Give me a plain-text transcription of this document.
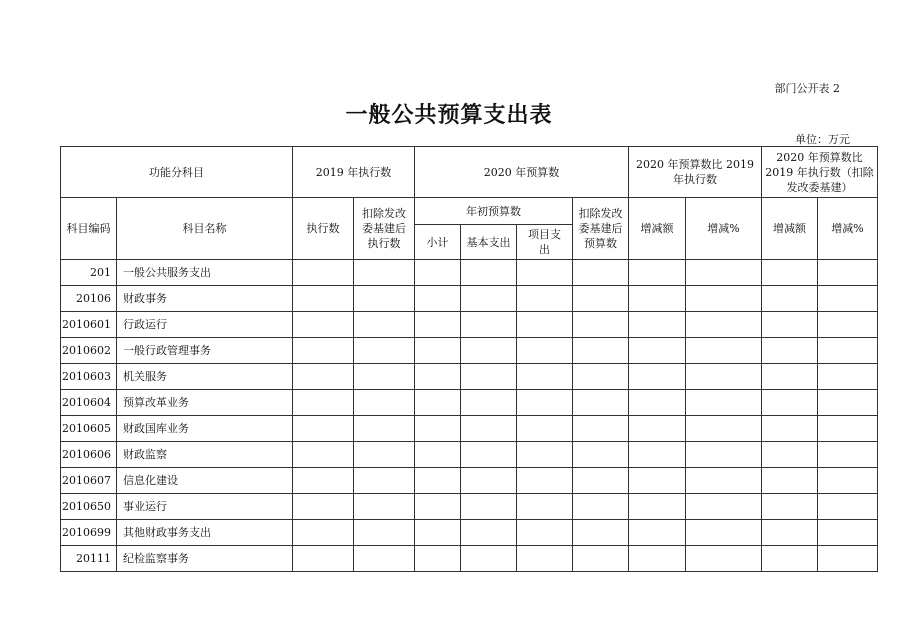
部门公开表 2
一般公共预算支出表
单位：万元
功能分科目		2019 年执行数		2020 年预算数				2020 年预算数比 2019 年执行数		2020 年预算数比 2019 年执行数（扣除发改委基建）	
科目编码	科目名称	执行数	扣除发改委基建后执行数	年初预算数			扣除发改委基建后预算数	增减额	增减%	增减额	增减%
				小计	基本支出	项目支出					
201	一般公共服务支出										
20106	财政事务										
2010601	行政运行										
2010602	一般行政管理事务										
2010603	机关服务										
2010604	预算改革业务										
2010605	财政国库业务										
2010606	财政监察										
2010607	信息化建设										
2010650	事业运行										
2010699	其他财政事务支出										
20111	纪检监察事务										
